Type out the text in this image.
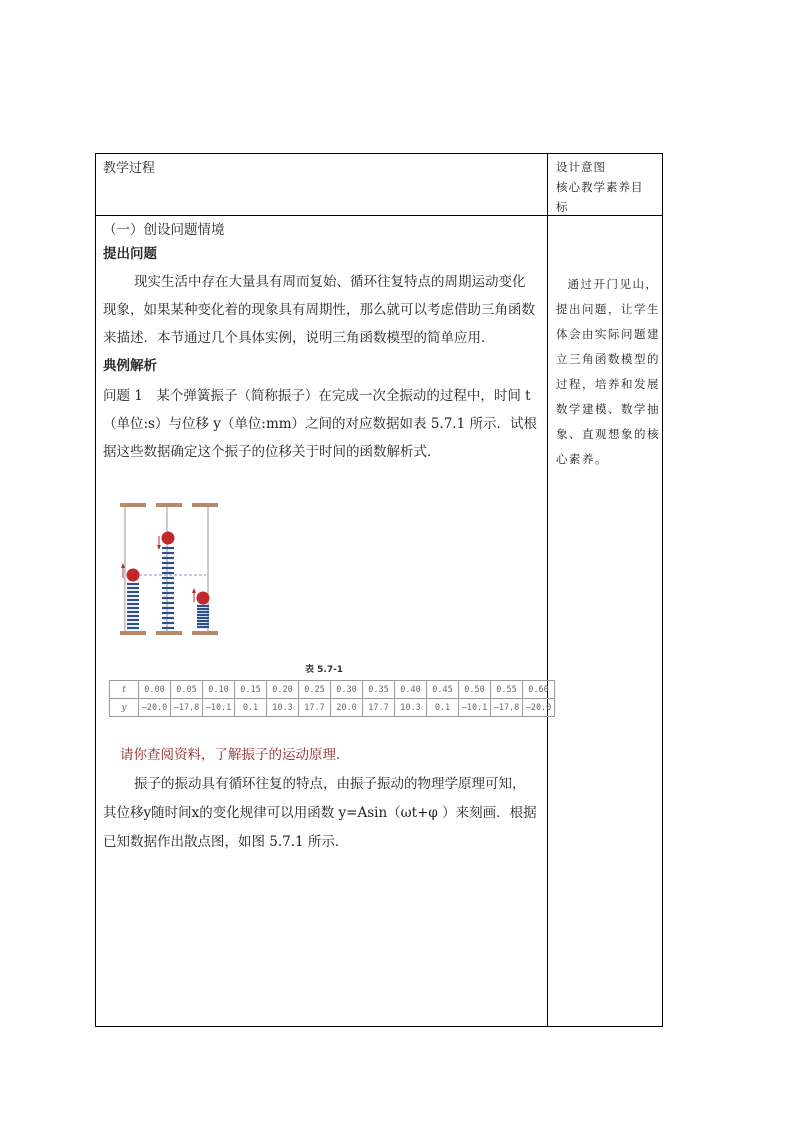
教学过程	设计意图
核心教学素养目
标

（一）创设问题情境

提出问题

现实生活中存在大量具有周而复始、循环往复特点的周期运动变化现象，如果某种变化着的现象具有周期性，那么就可以考虑借助三角函数来描述．本节通过几个具体实例，说明三角函数模型的简单应用．

典例解析

问题 1　某个弹簧振子（简称振子）在完成一次全振动的过程中，时间 t（单位:s）与位移 y（单位:mm）之间的对应数据如表 5.7.1 所示．试根据这些数据确定这个振子的位移关于时间的函数解析式．

表 5.7-1
t	0.00	0.05	0.10	0.15	0.20	0.25	0.30	0.35	0.40	0.45	0.50	0.55	0.60
y	−20.0	−17.8	−10.1	0.1	10.3	17.7	20.0	17.7	10.3	0.1	−10.1	−17.8	−20.0
请你查阅资料，了解振子的运动原理．

振子的振动具有循环往复的特点，由振子振动的物理学原理可知，其位移y随时间x的变化规律可以用函数 y=Asin（ωt+φ ）来刻画．根据已知数据作出散点图，如图 5.7.1 所示．

通过开门见山，提出问题，让学生体会由实际问题建立三角函数模型的过程，培养和发展数学建模、数学抽象、直观想象的核心素养。
